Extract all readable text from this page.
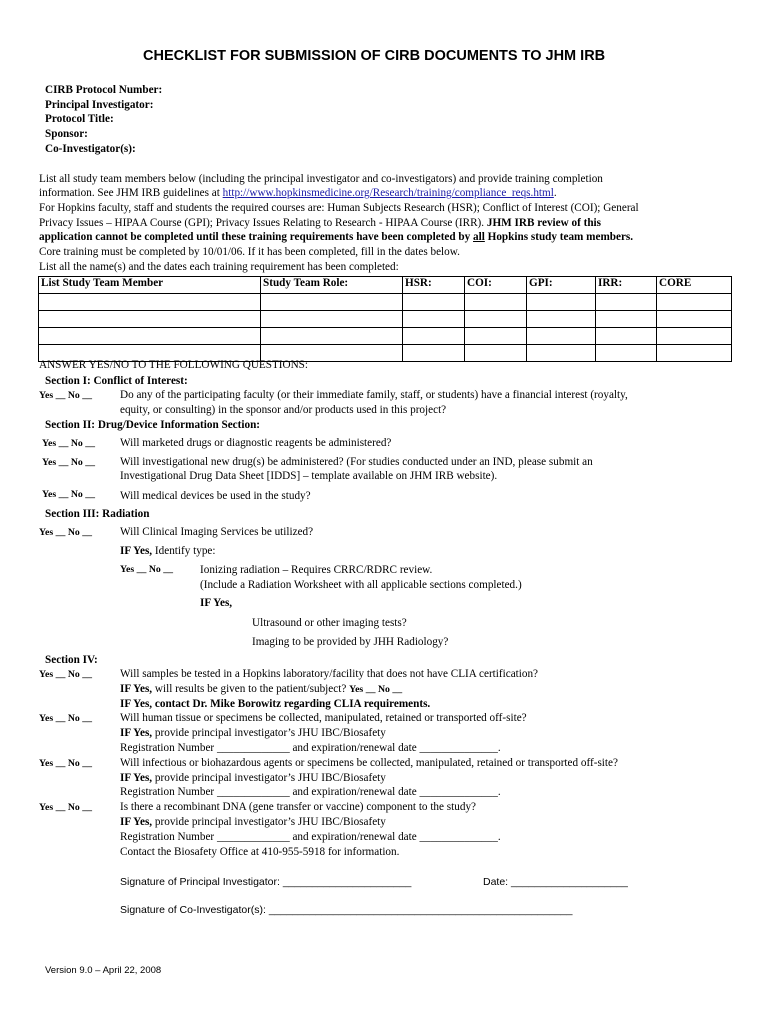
CHECKLIST FOR SUBMISSION OF CIRB DOCUMENTS TO JHM IRB
CIRB Protocol Number:
Principal Investigator:
Protocol Title:
Sponsor:
Co-Investigator(s):
List all study team members below (including the principal investigator and co-investigators) and provide training completion
information. See JHM IRB guidelines at http://www.hopkinsmedicine.org/Research/training/compliance_reqs.html.
For Hopkins faculty, staff and students the required courses are: Human Subjects Research (HSR); Conflict of Interest (COI); General
Privacy Issues – HIPAA Course (GPI); Privacy Issues Relating to Research - HIPAA Course (IRR). JHM IRB review of this
application cannot be completed until these training requirements have been completed by all Hopkins study team members.
Core training must be completed by 10/01/06. If it has been completed, fill in the dates below.
List all the name(s) and the dates each training requirement has been completed:
List Study Team Member	Study Team Role:	HSR:	COI:	GPI:	IRR:	CORE

ANSWER YES/NO TO THE FOLLOWING QUESTIONS:
Section I: Conflict of Interest:
Yes __ No __ Do any of the participating faculty (or their immediate family, staff, or students) have a financial interest (royalty,
equity, or consulting) in the sponsor and/or products used in this project?
Section II: Drug/Device Information Section:
Yes __ No __ Will marketed drugs or diagnostic reagents be administered?
Yes __ No __ Will investigational new drug(s) be administered? (For studies conducted under an IND, please submit an
Investigational Drug Data Sheet [IDDS] – template available on JHM IRB website).
Yes __ No __ Will medical devices be used in the study?
Section III: Radiation
Yes __ No __ Will Clinical Imaging Services be utilized?
IF Yes, Identify type:
Yes __ No __ Ionizing radiation – Requires CRRC/RDRC review.
(Include a Radiation Worksheet with all applicable sections completed.)
IF Yes,
Ultrasound or other imaging tests?
Imaging to be provided by JHH Radiology?
Section IV:
Yes __ No __ Will samples be tested in a Hopkins laboratory/facility that does not have CLIA certification?
IF Yes, will results be given to the patient/subject? Yes __ No __
IF Yes, contact Dr. Mike Borowitz regarding CLIA requirements.
Yes __ No __ Will human tissue or specimens be collected, manipulated, retained or transported off-site?
IF Yes, provide principal investigator’s JHU IBC/Biosafety
Registration Number _____________ and expiration/renewal date ______________.
Yes __ No __ Will infectious or biohazardous agents or specimens be collected, manipulated, retained or transported off-site?
IF Yes, provide principal investigator’s JHU IBC/Biosafety
Registration Number _____________ and expiration/renewal date ______________.
Yes __ No __ Is there a recombinant DNA (gene transfer or vaccine) component to the study?
IF Yes, provide principal investigator’s JHU IBC/Biosafety
Registration Number _____________ and expiration/renewal date ______________.
Contact the Biosafety Office at 410-955-5918 for information.
Signature of Principal Investigator: ______________________	Date: ____________________
Signature of Co-Investigator(s): ____________________________________________________
Version 9.0 – April 22, 2008
